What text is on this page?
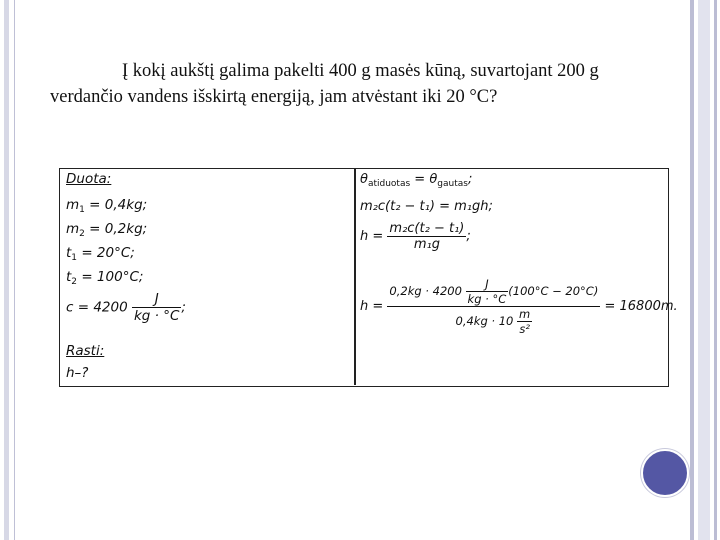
Į kokį aukštį galima pakelti 400 g masės kūną, suvartojant 200 g verdančio vandens išskirtą energiją, jam atvėstant iki 20 °C?
Duota:
$m_1 = 0,4kg$;
$m_2 = 0,2kg$;
$t_1 = 20^\circ C$;
$t_2 = 100^\circ C$;
$c = 4200 \frac{J}{kg \cdot ^\circ C}$ ;
Rasti:
h–?
$\theta_{atiduotas} = \theta_{gautas}$;
m₂c(t₂ − t₁) = m₁gh;
$h = \frac{\text{m₂c(t₂ − t₁)}}{\text{m₁g}}$ ;
$h = \frac{0,2kg \cdot 4200 \frac{J}{kg \cdot ^\circ C} (100^\circ C - 20^\circ C)}{0,4kg \cdot 10 \frac{m}{\text{s²}}} = 16800m$.
